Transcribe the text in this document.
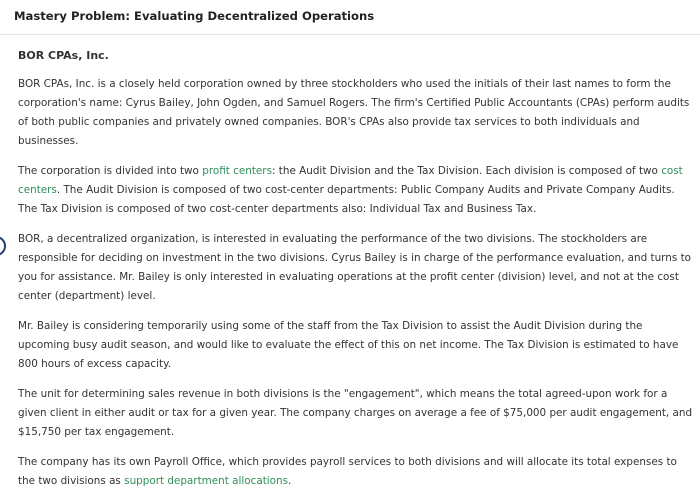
Mastery Problem: Evaluating Decentralized Operations
BOR CPAs, Inc.

BOR CPAs, Inc. is a closely held corporation owned by three stockholders who used the initials of their last names to form the corporation's name: Cyrus Bailey, John Ogden, and Samuel Rogers. The firm's Certified Public Accountants (CPAs) perform audits of both public companies and privately owned companies. BOR's CPAs also provide tax services to both individuals and businesses.

The corporation is divided into two profit centers: the Audit Division and the Tax Division. Each division is composed of two cost centers. The Audit Division is composed of two cost-center departments: Public Company Audits and Private Company Audits. The Tax Division is composed of two cost-center departments also: Individual Tax and Business Tax.

BOR, a decentralized organization, is interested in evaluating the performance of the two divisions. The stockholders are responsible for deciding on investment in the two divisions. Cyrus Bailey is in charge of the performance evaluation, and turns to you for assistance. Mr. Bailey is only interested in evaluating operations at the profit center (division) level, and not at the cost center (department) level.

Mr. Bailey is considering temporarily using some of the staff from the Tax Division to assist the Audit Division during the upcoming busy audit season, and would like to evaluate the effect of this on net income. The Tax Division is estimated to have 800 hours of excess capacity.

The unit for determining sales revenue in both divisions is the "engagement", which means the total agreed-upon work for a given client in either audit or tax for a given year. The company charges on average a fee of $75,000 per audit engagement, and $15,750 per tax engagement.

The company has its own Payroll Office, which provides payroll services to both divisions and will allocate its total expenses to the two divisions as support department allocations.
